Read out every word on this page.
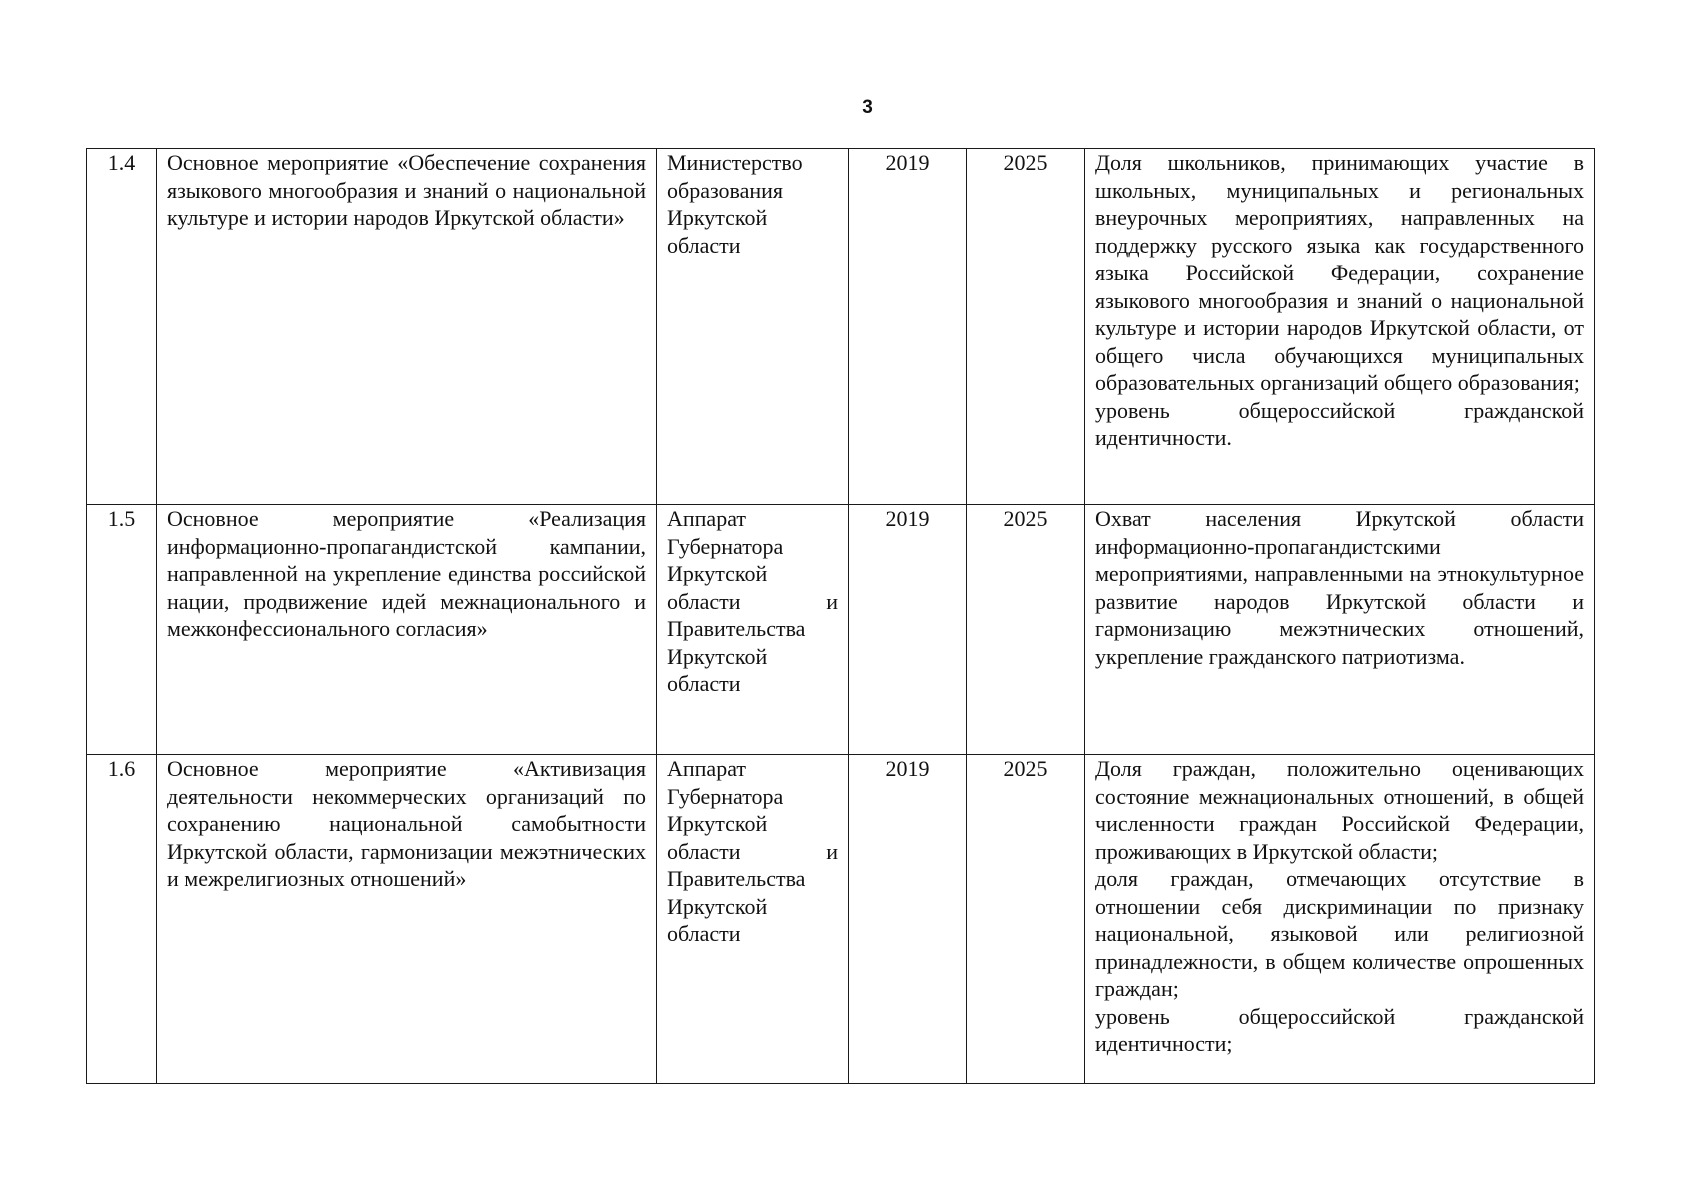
3
1.4	Основное мероприятие «Обеспечение сохранения языкового многообразия и знаний о национальной культуре и истории народов Иркутской области»	Министерство образования Иркутской области	2019	2025	Доля школьников, принимающих участие в школьных, муниципальных и региональных внеурочных мероприятиях, направленных на поддержку русского языка как государственного языка Российской Федерации, сохранение языкового многообразия и знаний о национальной культуре и истории народов Иркутской области, от общего числа обучающихся муниципальных образовательных организаций общего образования;
уровень общероссийской гражданской идентичности.

1.5	Основное мероприятие «Реализация информационно-пропагандистской кампании, направленной на укрепление единства российской нации, продвижение идей межнационального и межконфессионального согласия»	Аппарат Губернатора Иркутской области и Правительства Иркутской области	2019	2025	Охват населения Иркутской области информационно-пропагандистскими мероприятиями, направленными на этнокультурное развитие народов Иркутской области и гармонизацию межэтнических отношений, укрепление гражданского патриотизма.

1.6	Основное мероприятие «Активизация деятельности некоммерческих организаций по сохранению национальной самобытности Иркутской области, гармонизации межэтнических и межрелигиозных отношений»	Аппарат Губернатора Иркутской области и Правительства Иркутской области	2019	2025	Доля граждан, положительно оценивающих состояние межнациональных отношений, в общей численности граждан Российской Федерации, проживающих в Иркутской области;
доля граждан, отмечающих отсутствие в отношении себя дискриминации по признаку национальной, языковой или религиозной принадлежности, в общем количестве опрошенных граждан;
уровень общероссийской гражданской идентичности;
